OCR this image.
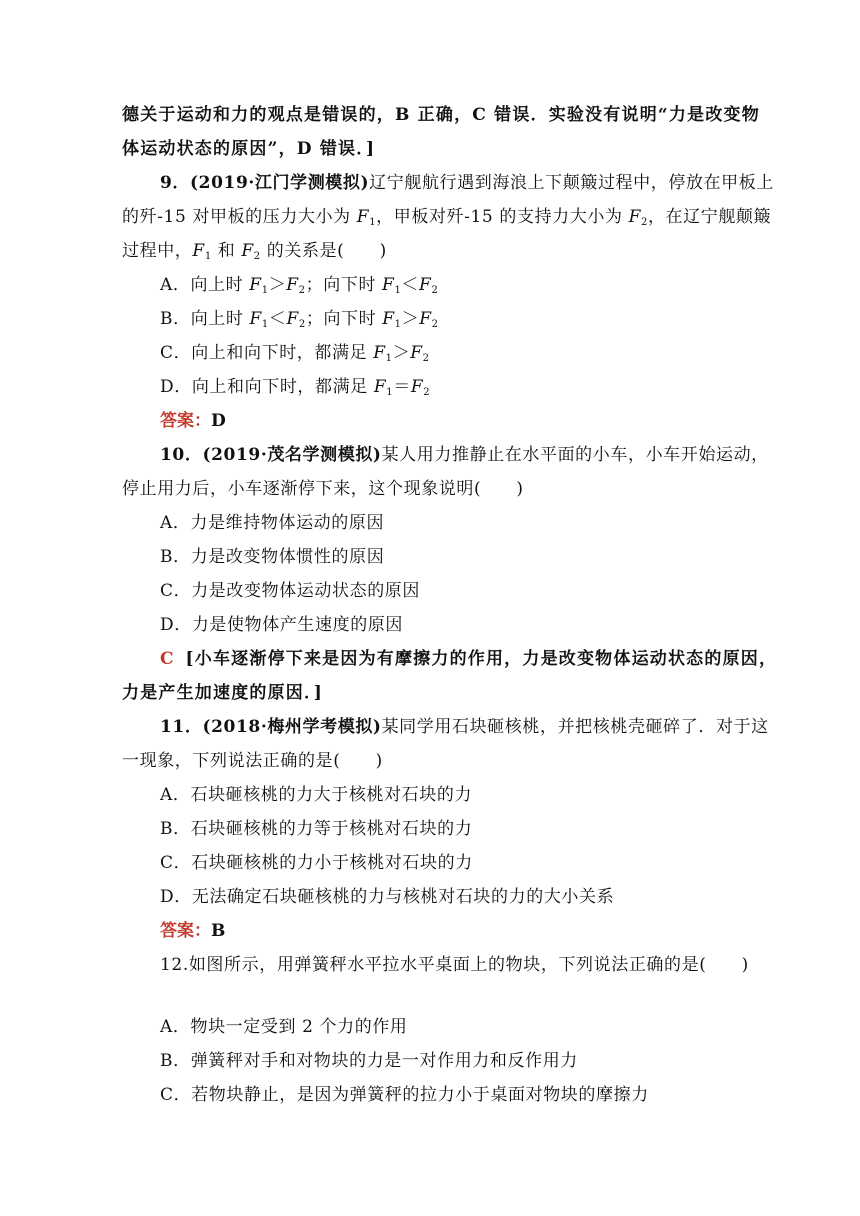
德关于运动和力的观点是错误的，B 正确，C 错误．实验没有说明“力是改变物
体运动状态的原因”，D 错误．]
9．(2019·江门学测模拟)辽宁舰航行遇到海浪上下颠簸过程中，停放在甲板上
的歼-15 对甲板的压力大小为 $F_1$，甲板对歼-15 的支持力大小为 $F_2$，在辽宁舰颠簸
过程中，$F_1$ 和 $F_2$ 的关系是(　　)
A．向上时 $F_1>F_2$；向下时 $F_1<F_2$
B．向上时 $F_1<F_2$；向下时 $F_1>F_2$
C．向上和向下时，都满足 $F_1>F_2$
D．向上和向下时，都满足 $F_1=F_2$
答案：D
10．(2019·茂名学测模拟)某人用力推静止在水平面的小车，小车开始运动，
停止用力后，小车逐渐停下来，这个现象说明(　　)
A．力是维持物体运动的原因
B．力是改变物体惯性的原因
C．力是改变物体运动状态的原因
D．力是使物体产生速度的原因
C [小车逐渐停下来是因为有摩擦力的作用，力是改变物体运动状态的原因，
力是产生加速度的原因．]
11．(2018·梅州学考模拟)某同学用石块砸核桃，并把核桃壳砸碎了．对于这
一现象，下列说法正确的是(　　)
A．石块砸核桃的力大于核桃对石块的力
B．石块砸核桃的力等于核桃对石块的力
C．石块砸核桃的力小于核桃对石块的力
D．无法确定石块砸核桃的力与核桃对石块的力的大小关系
答案：B
12.如图所示，用弹簧秤水平拉水平桌面上的物块，下列说法正确的是(　　)
A．物块一定受到 2 个力的作用
B．弹簧秤对手和对物块的力是一对作用力和反作用力
C．若物块静止，是因为弹簧秤的拉力小于桌面对物块的摩擦力
